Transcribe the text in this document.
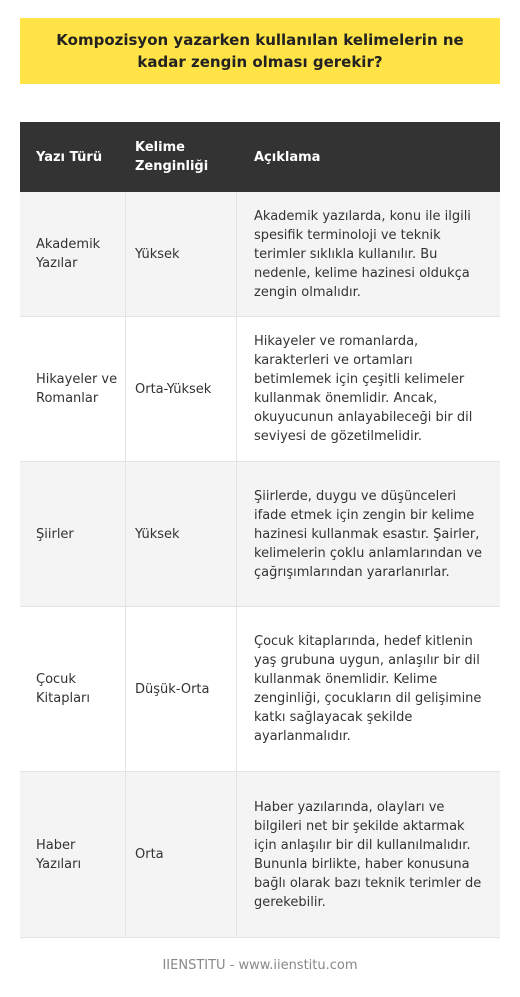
Kompozisyon yazarken kullanılan kelimelerin ne kadar zengin olması gerekir?
Yazı Türü
Kelime Zenginliği
Açıklama
Akademik Yazılar
Yüksek
Akademik yazılarda, konu ile ilgili spesifik terminoloji ve teknik terimler sıklıkla kullanılır. Bu nedenle, kelime hazinesi oldukça zengin olmalıdır.
Hikayeler ve Romanlar
Orta-Yüksek
Hikayeler ve romanlarda, karakterleri ve ortamları betimlemek için çeşitli kelimeler kullanmak önemlidir. Ancak, okuyucunun anlayabileceği bir dil seviyesi de gözetilmelidir.
Şiirler	Yüksek
Şiirlerde, duygu ve düşünceleri ifade etmek için zengin bir kelime hazinesi kullanmak esastır. Şairler, kelimelerin çoklu anlamlarından ve çağrışımlarından yararlanırlar.
Çocuk Kitapları
Düşük-Orta
Çocuk kitaplarında, hedef kitlenin yaş grubuna uygun, anlaşılır bir dil kullanmak önemlidir. Kelime zenginliği, çocukların dil gelişimine katkı sağlayacak şekilde ayarlanmalıdır.
Haber Yazıları
Orta
Haber yazılarında, olayları ve bilgileri net bir şekilde aktarmak için anlaşılır bir dil kullanılmalıdır. Bununla birlikte, haber konusuna bağlı olarak bazı teknik terimler de gerekebilir.
IIENSTITU - www.iienstitu.com
